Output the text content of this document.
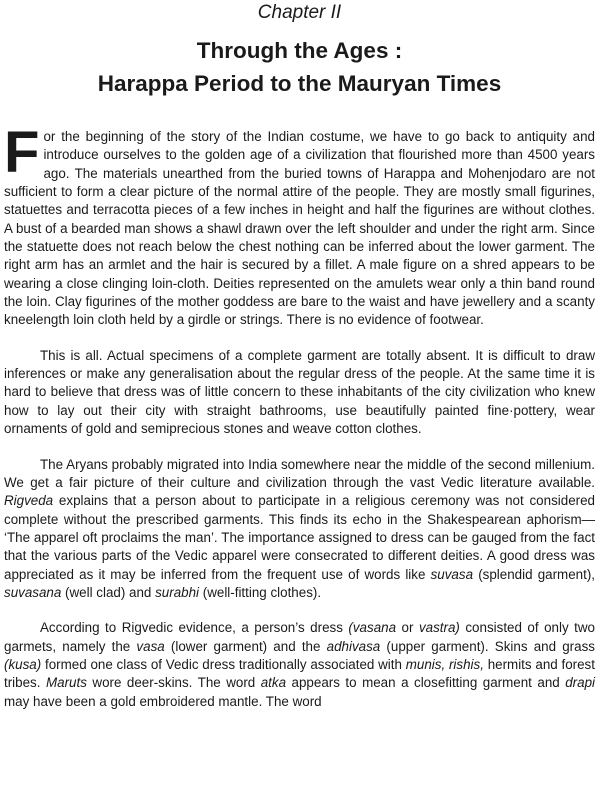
Chapter II
Through the Ages :
Harappa Period to the Mauryan Times

For the beginning of the story of the Indian costume, we have to go back to antiquity and introduce ourselves to the golden age of a civilization that flourished more than 4500 years ago. The materials unearthed from the buried towns of Harappa and Mohenjodaro are not sufficient to form a clear picture of the normal attire of the people. They are mostly small figurines, statuettes and terracotta pieces of a few inches in height and half the figurines are without clothes. A bust of a bearded man shows a shawl drawn over the left shoulder and under the right arm. Since the statuette does not reach below the chest nothing can be inferred about the lower garment. The right arm has an armlet and the hair is secured by a fillet. A male figure on a shred appears to be wearing a close clinging loin-cloth. Deities represented on the amulets wear only a thin band round the loin. Clay figurines of the mother goddess are bare to the waist and have jewellery and a scanty kneelength loin cloth held by a girdle or strings. There is no evidence of footwear.

This is all. Actual specimens of a complete garment are totally absent. It is difficult to draw inferences or make any generalisation about the regular dress of the people. At the same time it is hard to believe that dress was of little concern to these inhabitants of the city civilization who knew how to lay out their city with straight bathrooms, use beautifully painted fine·pottery, wear ornaments of gold and semiprecious stones and weave cotton clothes.

The Aryans probably migrated into India somewhere near the middle of the second millenium. We get a fair picture of their culture and civilization through the vast Vedic literature available. Rigveda explains that a person about to participate in a religious ceremony was not considered complete without the prescribed garments. This finds its echo in the Shakespearean aphorism— ‘The apparel oft proclaims the man’. The importance assigned to dress can be gauged from the fact that the various parts of the Vedic apparel were consecrated to different deities. A good dress was appreciated as it may be inferred from the frequent use of words like suvasa (splendid garment), suvasana (well clad) and surabhi (well-fitting clothes).

According to Rigvedic evidence, a person’s dress (vasana or vastra) consisted of only two garmets, namely the vasa (lower garment) and the adhivasa (upper garment). Skins and grass (kusa) formed one class of Vedic dress traditionally associated with munis, rishis, hermits and forest tribes. Maruts wore deer-skins. The word atka appears to mean a closefitting garment and drapi may have been a gold embroidered mantle. The word
